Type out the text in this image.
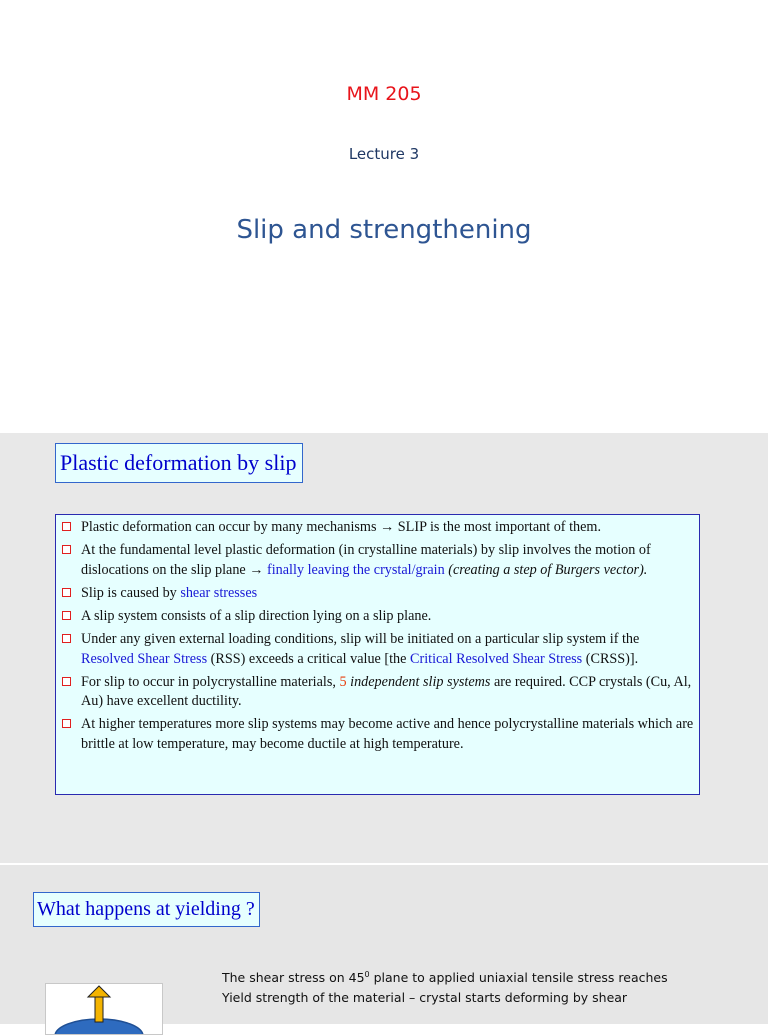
MM 205
Lecture 3
Slip and strengthening
Plastic deformation by slip
Plastic deformation can occur by many mechanisms → SLIP is the most important of them.
At the fundamental level plastic deformation (in crystalline materials) by slip involves the motion of dislocations on the slip plane → finally leaving the crystal/grain (creating a step of Burgers vector).
Slip is caused by shear stresses
A slip system consists of a slip direction lying on a slip plane.
Under any given external loading conditions, slip will be initiated on a particular slip system if the Resolved Shear Stress (RSS) exceeds a critical value [the Critical Resolved Shear Stress (CRSS)].
For slip to occur in polycrystalline materials, 5 independent slip systems are required. CCP crystals (Cu, Al, Au) have excellent ductility.
At higher temperatures more slip systems may become active and hence polycrystalline materials which are brittle at low temperature, may become ductile at high temperature.
What happens at yielding ?
The shear stress on $45^0$ plane to applied uniaxial tensile stress reaches
Yield strength of the material – crystal starts deforming by shear
